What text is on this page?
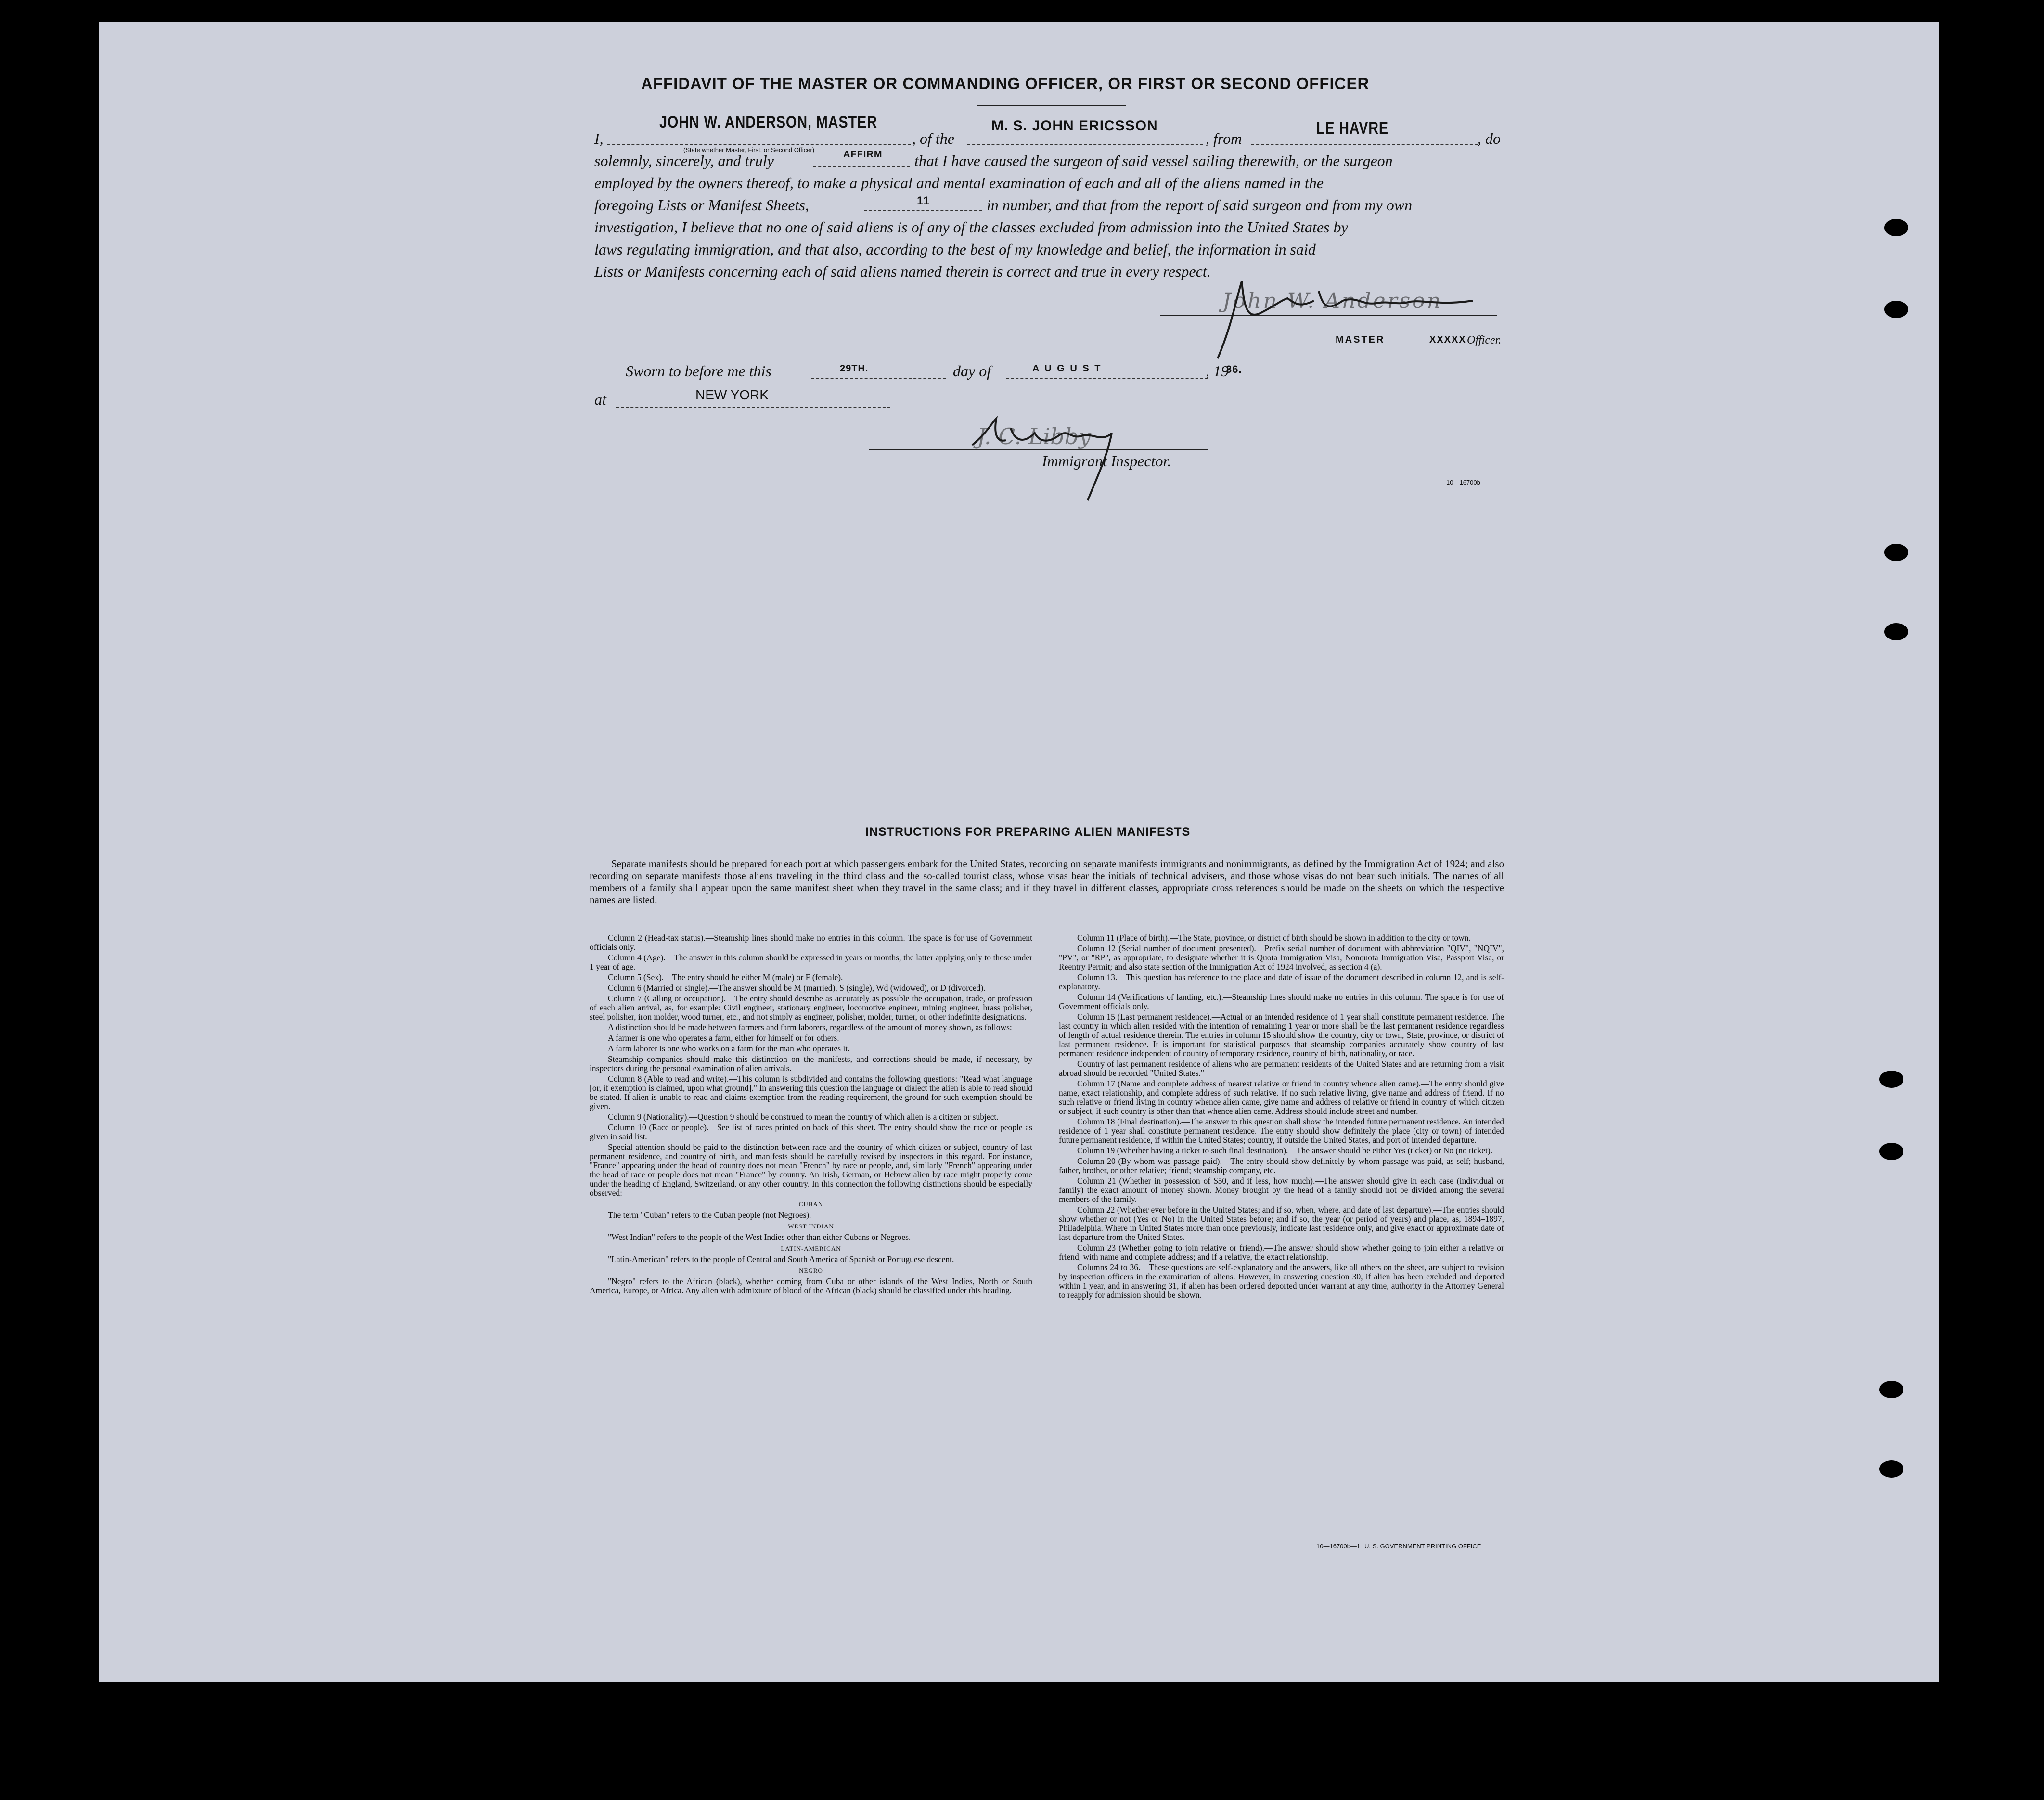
AFFIDAVIT OF THE MASTER OR COMMANDING OFFICER, OR FIRST OR SECOND OFFICER
I,
JOHN W. ANDERSON, MASTER
, of the
M. S. JOHN ERICSSON
, from
LE HAVRE
, do
(State whether Master, First, or Second Officer)
solemnly, sincerely, and truly	AFFIRM that I have caused the surgeon of said vessel sailing therewith, or the surgeon
employed by the owners thereof, to make a physical and mental examination of each and all of the aliens named in the
foregoing Lists or Manifest Sheets,	11	in number, and that from the report of said surgeon and from my own
investigation, I believe that no one of said aliens is of any of the classes excluded from admission into the United States by
laws regulating immigration, and that also, according to the best of my knowledge and belief, the information in said
Lists or Manifests concerning each of said aliens named therein is correct and true in every respect.
John W. Anderson
MASTER	XXXXX Officer.
Sworn to before me this	29TH.	day of	A U G U S T	, 19
36.
at	NEW YORK
J. C. Libby
Immigrant Inspector.
10—16700b
INSTRUCTIONS FOR PREPARING ALIEN MANIFESTS

Separate manifests should be prepared for each port at which passengers embark for the United States, recording on separate manifests immigrants and nonimmigrants, as defined by the Immigration Act of 1924; and also recording on separate manifests those aliens traveling in the third class and the so-called tourist class, whose visas bear the initials of technical advisers, and those whose visas do not bear such initials. The names of all members of a family shall appear upon the same manifest sheet when they travel in the same class; and if they travel in different classes, appropriate cross references should be made on the sheets on which the respective names are listed.

Column 2 (Head-tax status).—Steamship lines should make no entries in this column. The space is for use of Government officials only.

Column 4 (Age).—The answer in this column should be expressed in years or months, the latter applying only to those under 1 year of age.

Column 5 (Sex).—The entry should be either M (male) or F (female).

Column 6 (Married or single).—The answer should be M (married), S (single), Wd (widowed), or D (divorced).

Column 7 (Calling or occupation).—The entry should describe as accurately as possible the occupation, trade, or profession of each alien arrival, as, for example: Civil engineer, stationary engineer, locomotive engineer, mining engineer, brass polisher, steel polisher, iron molder, wood turner, etc., and not simply as engineer, polisher, molder, turner, or other indefinite designations.

A distinction should be made between farmers and farm laborers, regardless of the amount of money shown, as follows:

A farmer is one who operates a farm, either for himself or for others.

A farm laborer is one who works on a farm for the man who operates it.

Steamship companies should make this distinction on the manifests, and corrections should be made, if necessary, by inspectors during the personal examination of alien arrivals.

Column 8 (Able to read and write).—This column is subdivided and contains the following questions: "Read what language [or, if exemption is claimed, upon what ground]." In answering this question the language or dialect the alien is able to read should be stated. If alien is unable to read and claims exemption from the reading requirement, the ground for such exemption should be given.

Column 9 (Nationality).—Question 9 should be construed to mean the country of which alien is a citizen or subject.

Column 10 (Race or people).—See list of races printed on back of this sheet. The entry should show the race or people as given in said list.

Special attention should be paid to the distinction between race and the country of which citizen or subject, country of last permanent residence, and country of birth, and manifests should be carefully revised by inspectors in this regard. For instance, "France" appearing under the head of country does not mean "French" by race or people, and, similarly "French" appearing under the head of race or people does not mean "France" by country. An Irish, German, or Hebrew alien by race might properly come under the heading of England, Switzerland, or any other country. In this connection the following distinctions should be especially observed:

CUBAN

The term "Cuban" refers to the Cuban people (not Negroes).

WEST INDIAN

"West Indian" refers to the people of the West Indies other than either Cubans or Negroes.

LATIN-AMERICAN

"Latin-American" refers to the people of Central and South America of Spanish or Portuguese descent.

NEGRO

"Negro" refers to the African (black), whether coming from Cuba or other islands of the West Indies, North or South America, Europe, or Africa. Any alien with admixture of blood of the African (black) should be classified under this heading.

Column 11 (Place of birth).—The State, province, or district of birth should be shown in addition to the city or town.

Column 12 (Serial number of document presented).—Prefix serial number of document with abbreviation "QIV", "NQIV", "PV", or "RP", as appropriate, to designate whether it is Quota Immigration Visa, Nonquota Immigration Visa, Passport Visa, or Reentry Permit; and also state section of the Immigration Act of 1924 involved, as section 4 (a).

Column 13.—This question has reference to the place and date of issue of the document described in column 12, and is self-explanatory.

Column 14 (Verifications of landing, etc.).—Steamship lines should make no entries in this column. The space is for use of Government officials only.

Column 15 (Last permanent residence).—Actual or an intended residence of 1 year shall constitute permanent residence. The last country in which alien resided with the intention of remaining 1 year or more shall be the last permanent residence regardless of length of actual residence therein. The entries in column 15 should show the country, city or town, State, province, or district of last permanent residence. It is important for statistical purposes that steamship companies accurately show country of last permanent residence independent of country of temporary residence, country of birth, nationality, or race.

Country of last permanent residence of aliens who are permanent residents of the United States and are returning from a visit abroad should be recorded "United States."

Column 17 (Name and complete address of nearest relative or friend in country whence alien came).—The entry should give name, exact relationship, and complete address of such relative. If no such relative living, give name and address of friend. If no such relative or friend living in country whence alien came, give name and address of relative or friend in country of which citizen or subject, if such country is other than that whence alien came. Address should include street and number.

Column 18 (Final destination).—The answer to this question shall show the intended future permanent residence. An intended residence of 1 year shall constitute permanent residence. The entry should show definitely the place (city or town) of intended future permanent residence, if within the United States; country, if outside the United States, and port of intended departure.

Column 19 (Whether having a ticket to such final destination).—The answer should be either Yes (ticket) or No (no ticket).

Column 20 (By whom was passage paid).—The entry should show definitely by whom passage was paid, as self; husband, father, brother, or other relative; friend; steamship company, etc.

Column 21 (Whether in possession of $50, and if less, how much).—The answer should give in each case (individual or family) the exact amount of money shown. Money brought by the head of a family should not be divided among the several members of the family.

Column 22 (Whether ever before in the United States; and if so, when, where, and date of last departure).—The entries should show whether or not (Yes or No) in the United States before; and if so, the year (or period of years) and place, as, 1894–1897, Philadelphia. Where in United States more than once previously, indicate last residence only, and give exact or approximate date of last departure from the United States.

Column 23 (Whether going to join relative or friend).—The answer should show whether going to join either a relative or friend, with name and complete address; and if a relative, the exact relationship.

Columns 24 to 36.—These questions are self-explanatory and the answers, like all others on the sheet, are subject to revision by inspection officers in the examination of aliens. However, in answering question 30, if alien has been excluded and deported within 1 year, and in answering 31, if alien has been ordered deported under warrant at any time, authority in the Attorney General to reapply for admission should be shown.

10—16700b—1 U. S. GOVERNMENT PRINTING OFFICE
